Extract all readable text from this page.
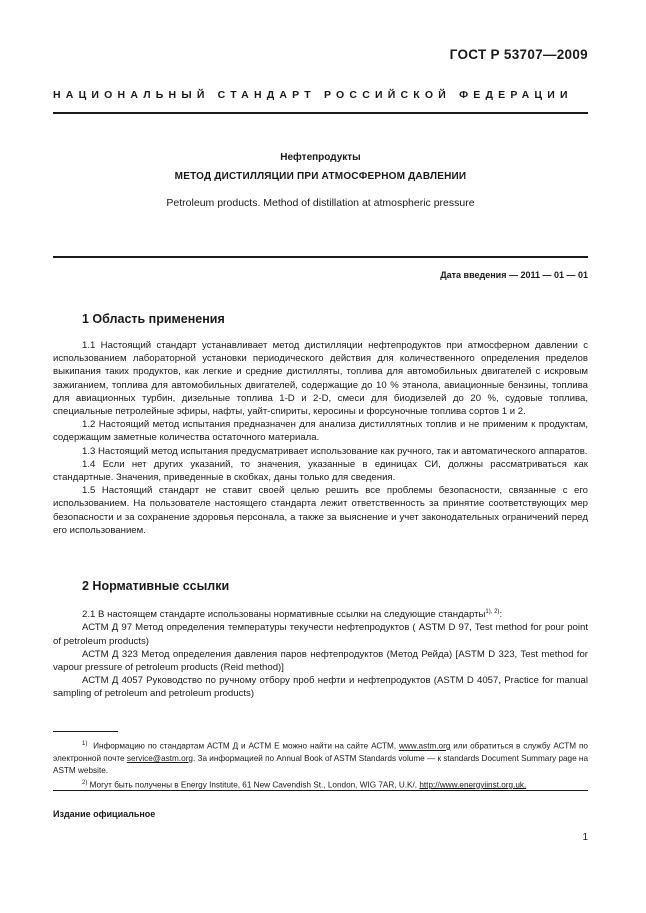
ГОСТ Р 53707—2009
НАЦИОНАЛЬНЫЙ СТАНДАРТ РОССИЙСКОЙ ФЕДЕРАЦИИ
Нефтепродукты
МЕТОД ДИСТИЛЛЯЦИИ ПРИ АТМОСФЕРНОМ ДАВЛЕНИИ
Petroleum products. Method of distillation at atmospheric pressure
Дата введения — 2011 — 01 — 01
1 Область применения

1.1 Настоящий стандарт устанавливает метод дистилляции нефтепродуктов при атмосферном давлении с использованием лабораторной установки периодического действия для количественного определения пределов выкипания таких продуктов, как легкие и средние дистилляты, топлива для автомобильных двигателей с искровым зажиганием, топлива для автомобильных двигателей, содержащие до 10 % этанола, авиационные бензины, топлива для авиационных турбин, дизельные топлива 1-D и 2-D, смеси для биодизелей до 20 %, судовые топлива, специальные петролейные эфиры, нафты, уайт-спириты, керосины и форсуночные топлива сортов 1 и 2.

1.2 Настоящий метод испытания предназначен для анализа дистиллятных топлив и не применим к продуктам, содержащим заметные количества остаточного материала.

1.3 Настоящий метод испытания предусматривает использование как ручного, так и автоматического аппаратов.

1.4 Если нет других указаний, то значения, указанные в единицах СИ, должны рассматриваться как стандартные. Значения, приведенные в скобках, даны только для сведения.

1.5 Настоящий стандарт не ставит своей целью решить все проблемы безопасности, связанные с его использованием. На пользователе настоящего стандарта лежит ответственность за принятие соответствующих мер безопасности и за сохранение здоровья персонала, а также за выяснение и учет законодательных ограничений перед его использованием.

2 Нормативные ссылки

2.1 В настоящем стандарте использованы нормативные ссылки на следующие стандарты$^{1), 2)}$:

АСТМ Д 97 Метод определения температуры текучести нефтепродуктов ( ASTM D 97, Test method for pour point of petroleum products)

АСТМ Д 323 Метод определения давления паров нефтепродуктов (Метод Рейда) [ASTM D 323, Test method for vapour pressure of petroleum products (Reid method)]

АСТМ Д 4057 Руководство по ручному отбору проб нефти и нефтепродуктов (ASTM D 4057, Practice for manual sampling of petroleum and petroleum products)

$^{1)}$ Информацию по стандартам АСТМ Д и АСТМ Е можно найти на сайте АСТМ, www.astm.org или обратиться в службу АСТМ по электронной почте service@astm.org. За информацией по Annual Book of ASTM Standards volume — к standards Document Summary page на ASTM website.

$^{2)}$ Могут быть получены в Energy Institute, 61 New Cavendish St., London, WIG 7AR, U.K/, http://www.energyiinst.org.uk.

Издание официальное
1
